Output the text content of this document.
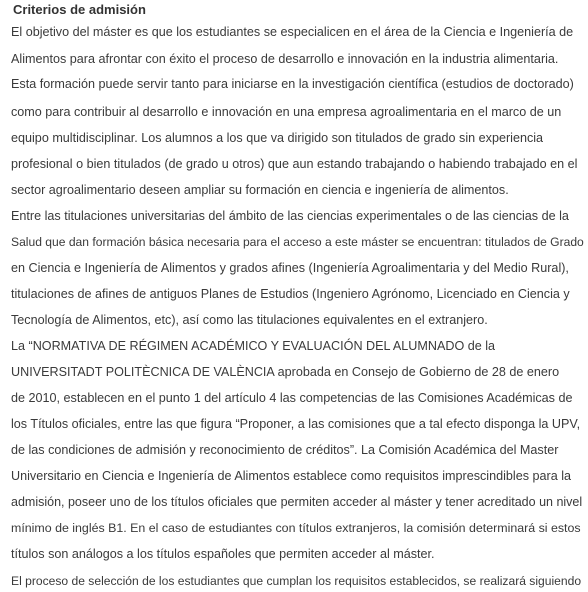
Criterios de admisión
El objetivo del máster es que los estudiantes se especialicen en el área de la Ciencia e Ingeniería de
Alimentos para afrontar con éxito el proceso de desarrollo e innovación en la industria alimentaria.
Esta formación puede servir tanto para iniciarse en la investigación científica (estudios de doctorado)
como para contribuir al desarrollo e innovación en una empresa agroalimentaria en el marco de un
equipo multidisciplinar. Los alumnos a los que va dirigido son titulados de grado sin experiencia
profesional o bien titulados (de grado u otros) que aun estando trabajando o habiendo trabajado en el
sector agroalimentario deseen ampliar su formación en ciencia e ingeniería de alimentos.
Entre las titulaciones universitarias del ámbito de las ciencias experimentales o de las ciencias de la
Salud que dan formación básica necesaria para el acceso a este máster se encuentran: titulados de Grado
en Ciencia e Ingeniería de Alimentos y grados afines (Ingeniería Agroalimentaria y del Medio Rural),
titulaciones de afines de antiguos Planes de Estudios (Ingeniero Agrónomo, Licenciado en Ciencia y
Tecnología de Alimentos, etc), así como las titulaciones equivalentes en el extranjero.
La “NORMATIVA DE RÉGIMEN ACADÉMICO Y EVALUACIÓN DEL ALUMNADO de la
UNIVERSITADT POLITÈCNICA DE VALÈNCIA aprobada en Consejo de Gobierno de 28 de enero
de 2010, establecen en el punto 1 del artículo 4 las competencias de las Comisiones Académicas de
los Títulos oficiales, entre las que figura “Proponer, a las comisiones que a tal efecto disponga la UPV,
de las condiciones de admisión y reconocimiento de créditos”. La Comisión Académica del Master
Universitario en Ciencia e Ingeniería de Alimentos establece como requisitos imprescindibles para la
admisión, poseer uno de los títulos oficiales que permiten acceder al máster y tener acreditado un nivel
mínimo de inglés B1. En el caso de estudiantes con títulos extranjeros, la comisión determinará si estos
títulos son análogos a los títulos españoles que permiten acceder al máster.
El proceso de selección de los estudiantes que cumplan los requisitos establecidos, se realizará siguiendo
